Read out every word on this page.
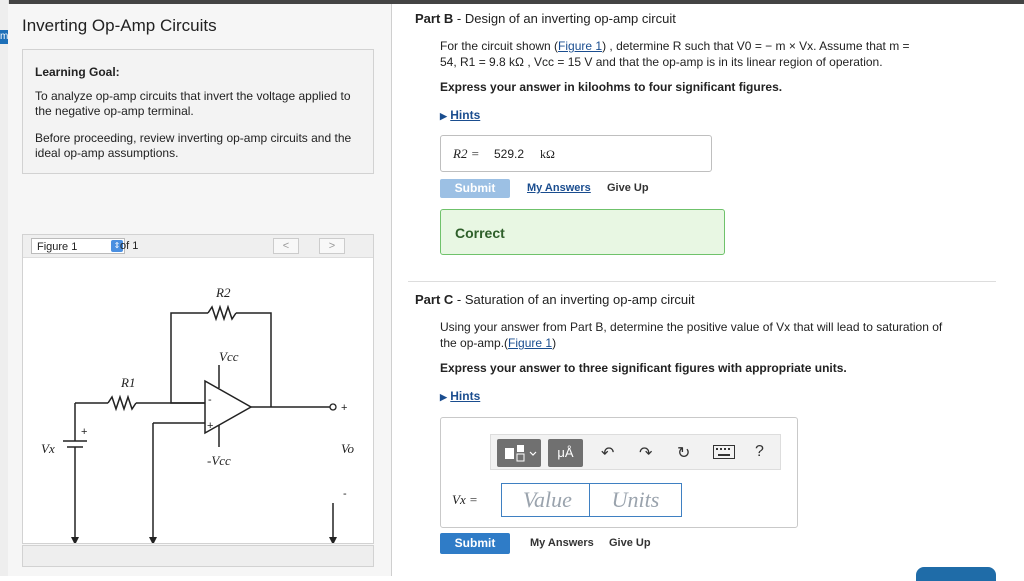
m
Inverting Op-Amp Circuits
Learning Goal:
To analyze op-amp circuits that invert the voltage applied to the negative op-amp terminal.
Before proceeding, review inverting op-amp circuits and the ideal op-amp assumptions.
Figure 1	⇕ of 1	<	>
R2
R1
Vcc
-Vcc
Vx	Vo
-
+
+
-
+
Part B - Design of an inverting op-amp circuit
For the circuit shown (Figure 1) , determine R such that V0 = − m × Vx. Assume that m =
54, R1 = 9.8 kΩ , Vcc = 15 V and that the op-amp is in its linear region of operation.
Express your answer in kiloohms to four significant figures.
▶ Hints
R2 = 529.2 kΩ
Submit	My Answers Give Up
Correct
Part C - Saturation of an inverting op-amp circuit
Using your answer from Part B, determine the positive value of Vx that will lead to saturation of
the op-amp.(Figure 1)
Express your answer to three significant figures with appropriate units.
▶ Hints
μÅ	↶ ↷ ↻	?
Vx =	Value	Units
Submit	My Answers Give Up
